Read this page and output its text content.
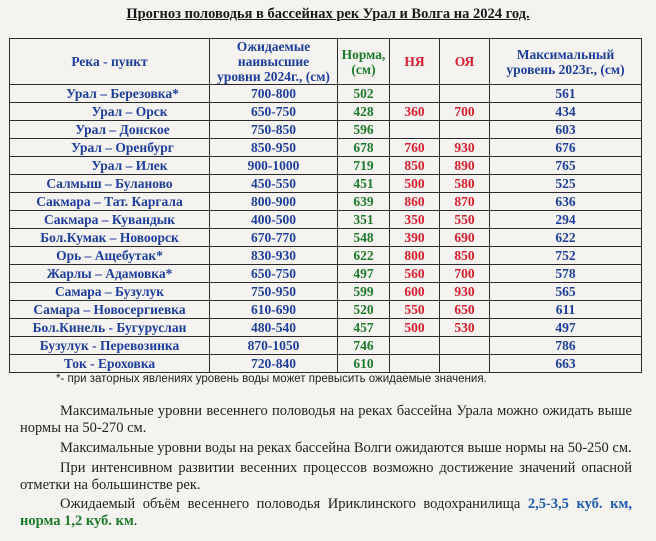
Прогноз половодья в бассейнах рек Урал и Волга на 2024 год.
Река - пункт	Ожидаемые наивысшие уровни 2024г., (см)	Норма, (см)	НЯ	ОЯ	Максимальный уровень 2023г., (см)
Урал – Березовка*	700-800	502			561
Урал – Орск	650-750	428	360	700	434
Урал – Донское	750-850	596			603
Урал – Оренбург	850-950	678	760	930	676
Урал – Илек	900-1000	719	850	890	765
Салмыш – Буланово	450-550	451	500	580	525
Сакмара – Тат. Каргала	800-900	639	860	870	636
Сакмара – Кувандык	400-500	351	350	550	294
Бол.Кумак – Новоорск	670-770	548	390	690	622
Орь – Ащебутак*	830-930	622	800	850	752
Жарлы – Адамовка*	650-750	497	560	700	578
Самара – Бузулук	750-950	599	600	930	565
Самара – Новосергиевка	610-690	520	550	650	611
Бол.Кинель - Бугуруслан	480-540	457	500	530	497
Бузулук - Перевозинка	870-1050	746			786
Ток - Ероховка	720-840	610			663
*- при заторных явлениях уровень воды может превысить ожидаемые значения.
Максимальные уровни весеннего половодья на реках бассейна Урала можно ожидать выше нормы на 50-270 см.
Максимальные уровни воды на реках бассейна Волги ожидаются выше нормы на 50-250 см.
При интенсивном развитии весенних процессов возможно достижение значений опасной отметки на большинстве рек.
Ожидаемый объём весеннего половодья Ириклинского водохранилища 2,5-3,5 куб. км, норма 1,2 куб. км.
